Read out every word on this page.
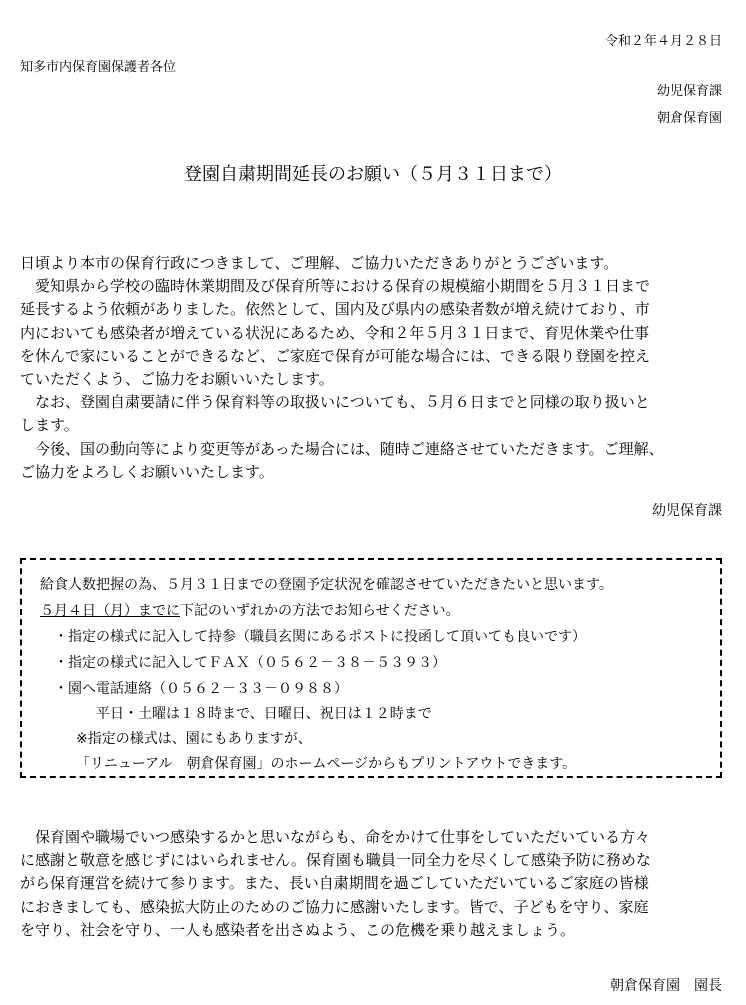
令和２年４月２８日
知多市内保育園保護者各位
幼児保育課
朝倉保育園
登園自粛期間延長のお願い（５月３１日まで）

日頃より本市の保育行政につきまして、ご理解、ご協力いただきありがとうございます。

　愛知県から学校の臨時休業期間及び保育所等における保育の規模縮小期間を５月３１日まで

延長するよう依頼がありました。依然として、国内及び県内の感染者数が増え続けており、市

内においても感染者が増えている状況にあるため、令和２年５月３１日まで、育児休業や仕事

を休んで家にいることができるなど、ご家庭で保育が可能な場合には、できる限り登園を控え

ていただくよう、ご協力をお願いいたします。

　なお、登園自粛要請に伴う保育料等の取扱いについても、５月６日までと同様の取り扱いと

します。

　今後、国の動向等により変更等があった場合には、随時ご連絡させていただきます。ご理解、

ご協力をよろしくお願いいたします。

幼児保育課
給食人数把握の為、５月３１日までの登園予定状況を確認させていただきたいと思います。
５月４日（月）までに下記のいずれかの方法でお知らせください。
・指定の様式に記入して持参（職員玄関にあるポストに投函して頂いても良いです）
・指定の様式に記入してＦＡＸ（０５６２－３８－５３９３）
・園へ電話連絡（０５６２－３３－０９８８）
平日・土曜は１８時まで、日曜日、祝日は１２時まで
※指定の様式は、園にもありますが、
「リニューアル　朝倉保育園」のホームページからもプリントアウトできます。

　保育園や職場でいつ感染するかと思いながらも、命をかけて仕事をしていただいている方々

に感謝と敬意を感じずにはいられません。保育園も職員一同全力を尽くして感染予防に務めな

がら保育運営を続けて参ります。また、長い自粛期間を過ごしていただいているご家庭の皆様

におきましても、感染拡大防止のためのご協力に感謝いたします。皆で、子どもを守り、家庭

を守り、社会を守り、一人も感染者を出さぬよう、この危機を乗り越えましょう。

朝倉保育園　園長
